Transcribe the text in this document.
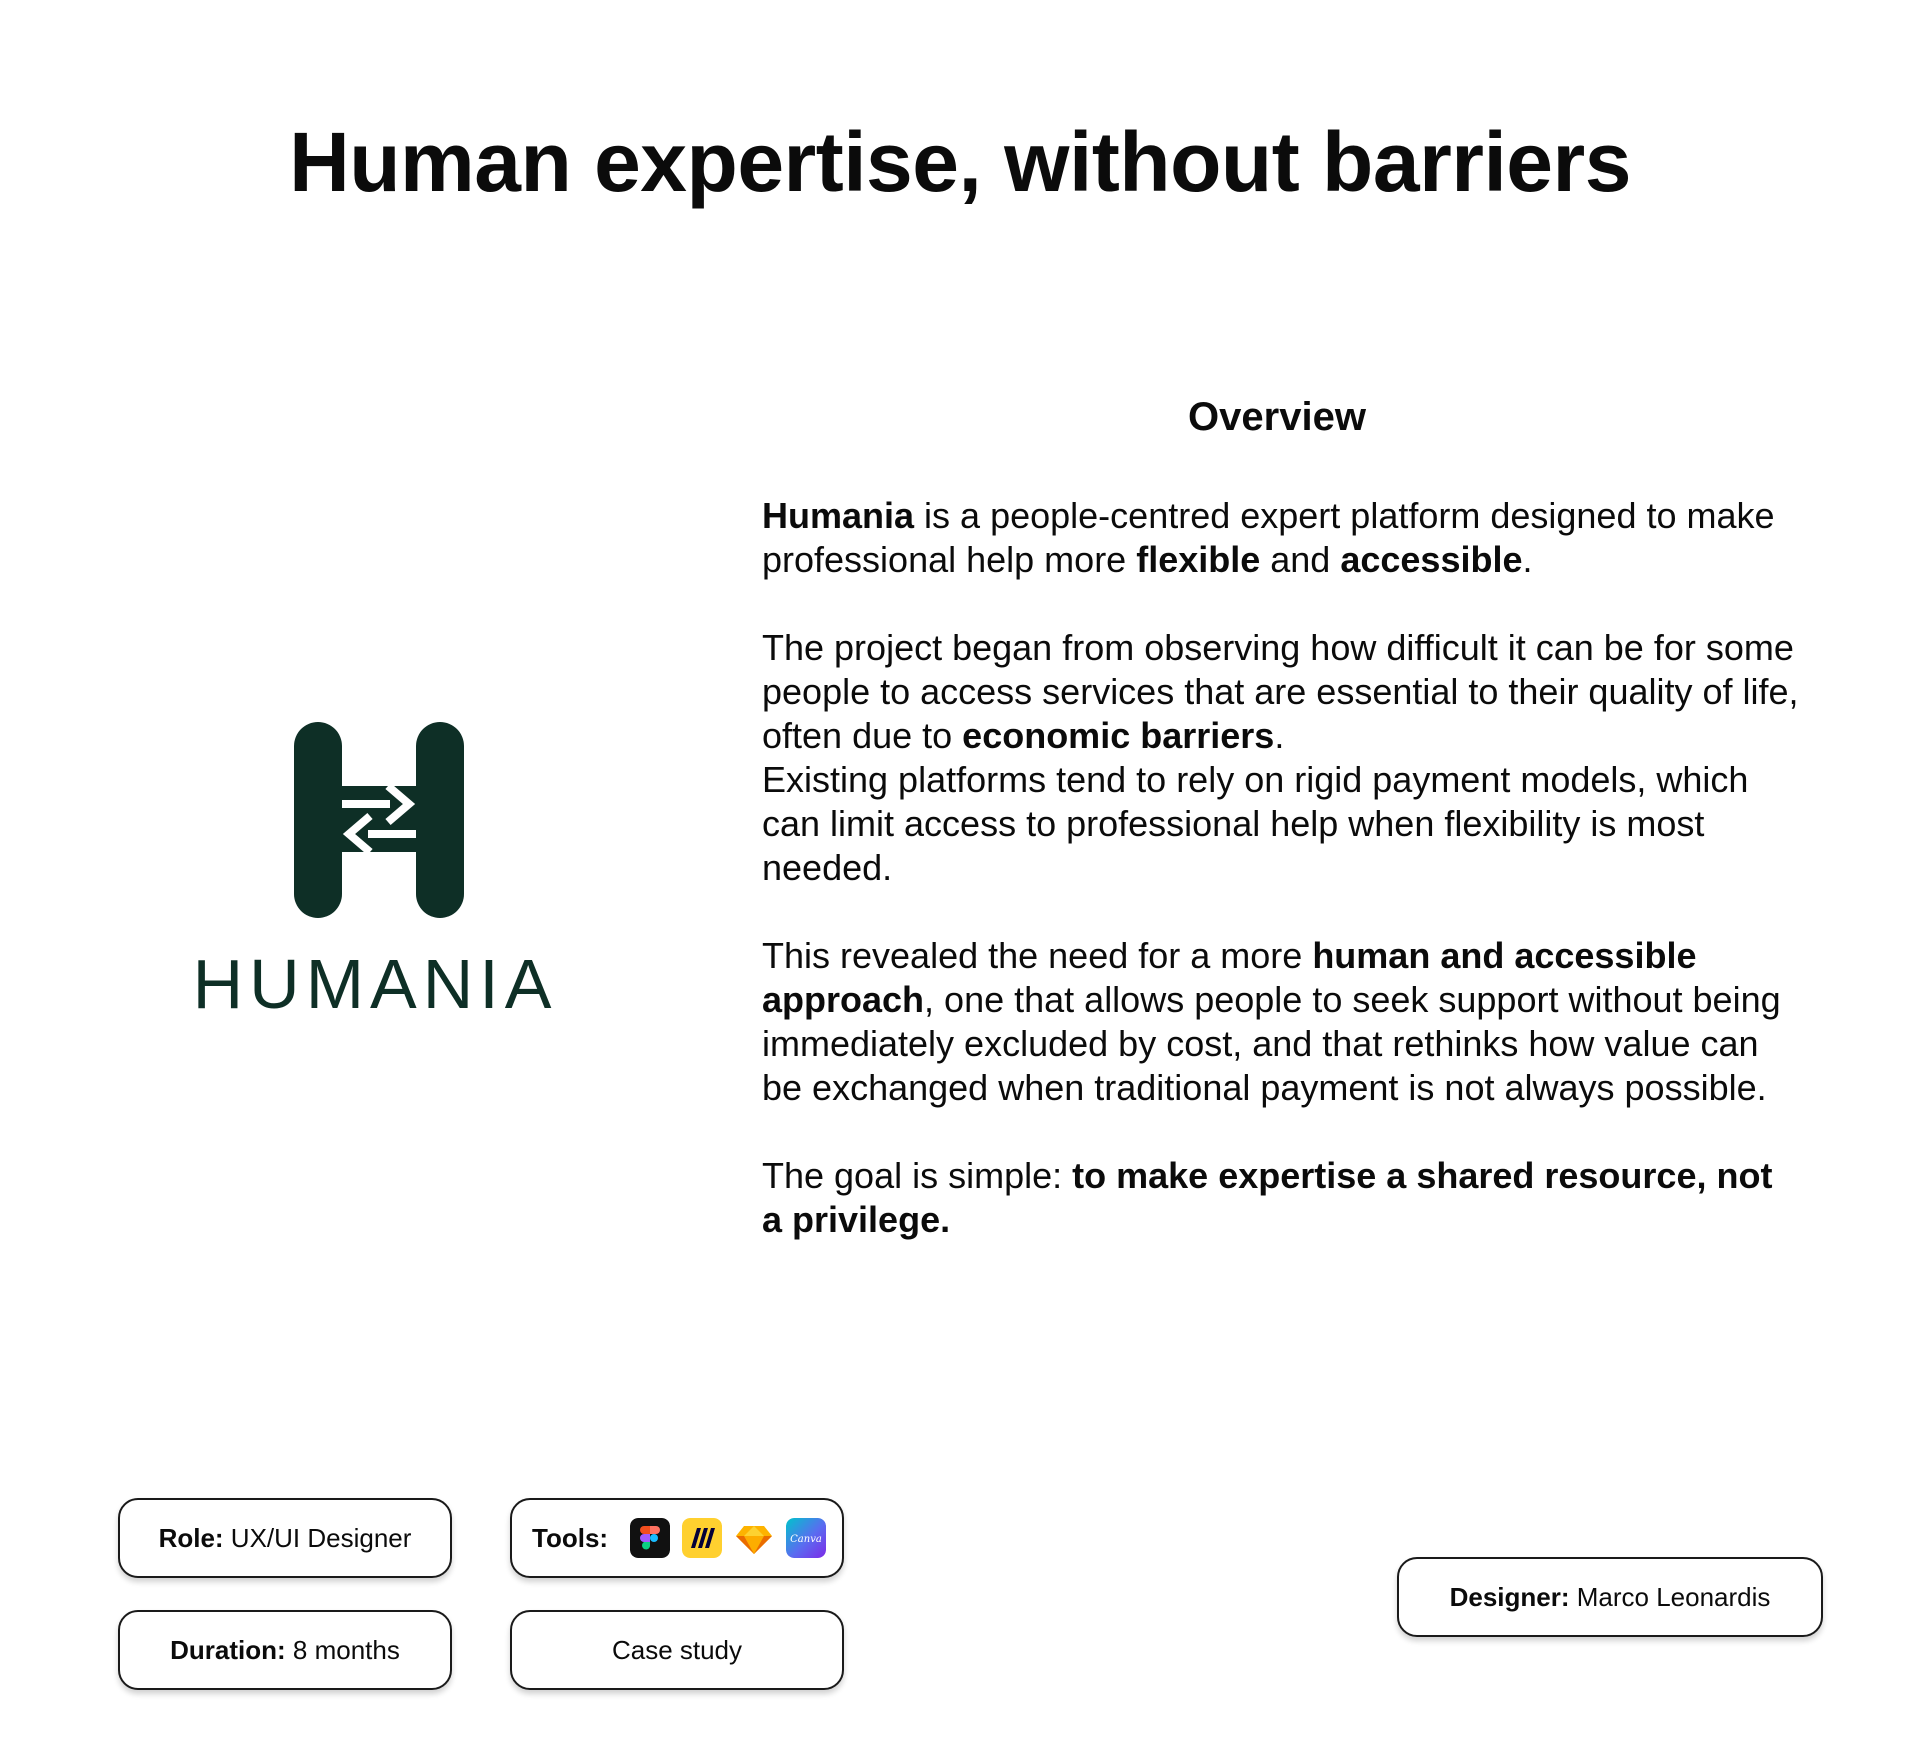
Human expertise, without barriers
HUMANIA
Overview

Humania is a people-centred expert platform designed to make professional help more flexible and accessible.

The project began from observing how difficult it can be for some people to access services that are essential to their quality of life, often due to economic barriers.
Existing platforms tend to rely on rigid payment models, which can limit access to professional help when flexibility is most needed.

This revealed the need for a more human and accessible approach, one that allows people to seek support without being immediately excluded by cost, and that rethinks how value can be exchanged when traditional payment is not always possible.

The goal is simple: to make expertise a shared resource, not a privilege.

Role: UX/UI Designer
Duration: 8 months
Tools:	Canva
Case study
Designer: Marco Leonardis
